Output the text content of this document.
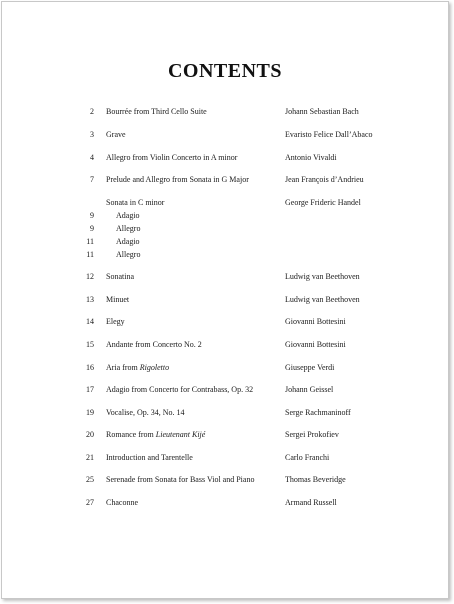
CONTENTS
2 Bourrée from Third Cello Suite	Johann Sebastian Bach
3 Grave	Evaristo Felice Dall’Abaco
4 Allegro from Violin Concerto in A minor	Antonio Vivaldi
7 Prelude and Allegro from Sonata in G Major	Jean François d’Andrieu
Sonata in C minor	George Frideric Handel
9	Adagio
9	Allegro
11	Adagio
11	Allegro
12 Sonatina	Ludwig van Beethoven
13 Minuet	Ludwig van Beethoven
14 Elegy	Giovanni Bottesini
15 Andante from Concerto No. 2	Giovanni Bottesini
16 Aria from Rigoletto	Giuseppe Verdi
17 Adagio from Concerto for Contrabass, Op. 32	Johann Geissel
19 Vocalise, Op. 34, No. 14	Serge Rachmaninoff
20 Romance from Lieutenant Kijé	Sergei Prokofiev
21 Introduction and Tarentelle	Carlo Franchi
25 Serenade from Sonata for Bass Viol and Piano	Thomas Beveridge
27 Chaconne	Armand Russell
